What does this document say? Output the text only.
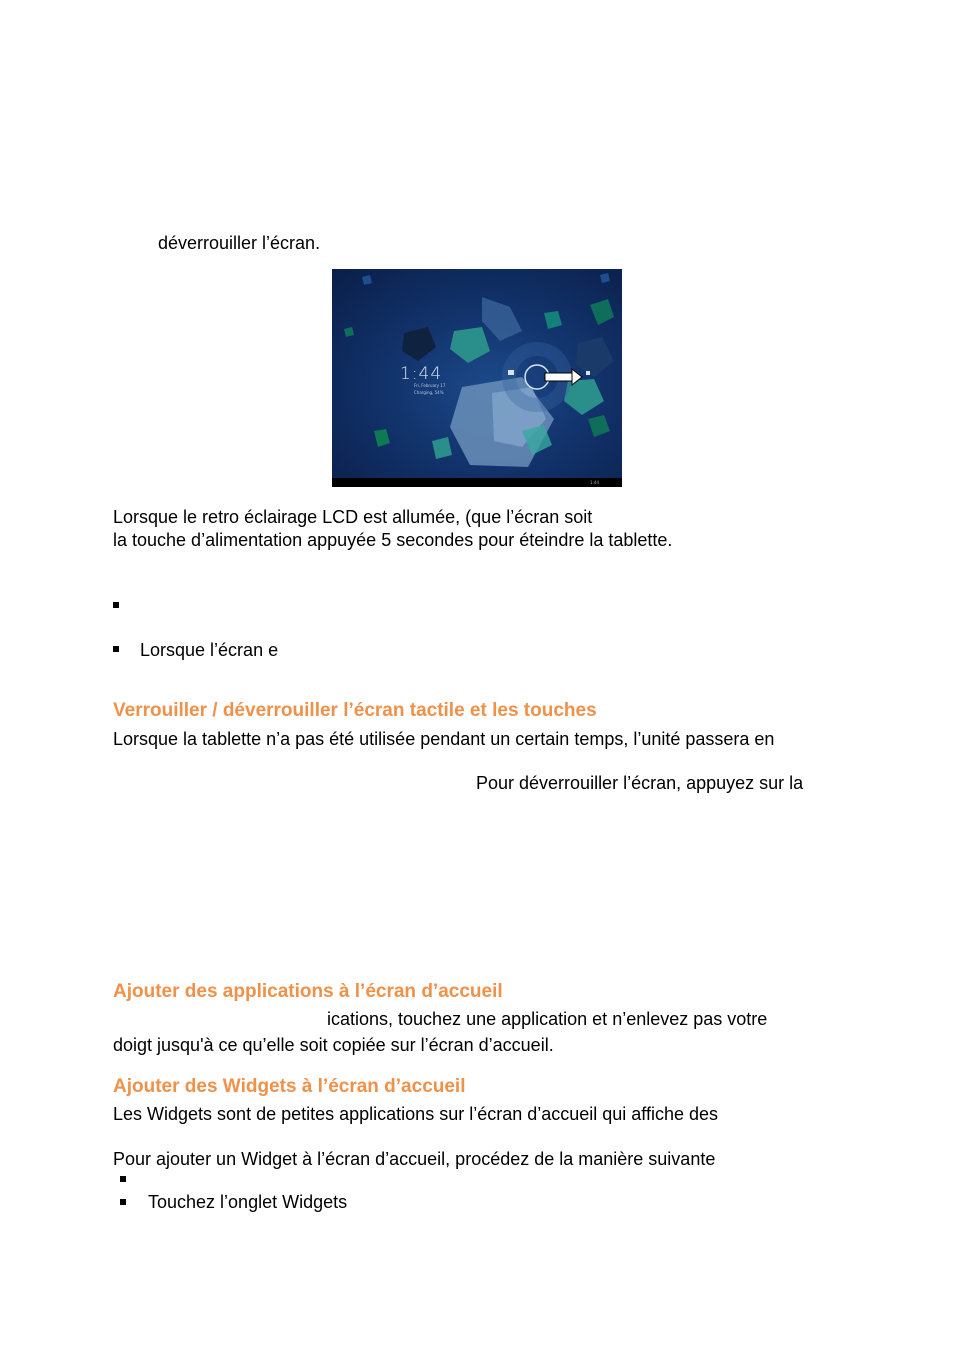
déverrouiller l’écran.
1:44
Fri, February 17
Charging, 54%
1:44
Lorsque le retro éclairage LCD est allumée, (que l’écran soit
la touche d’alimentation appuyée 5 secondes pour éteindre la tablette.
Lorsque l’écran e
Verrouiller / déverrouiller l’écran tactile et les touches
Lorsque la tablette n’a pas été utilisée pendant un certain temps, l’unité passera en
Pour déverrouiller l’écran, appuyez sur la
Ajouter des applications à l’écran d’accueil
ications, touchez une application et n’enlevez pas votre
doigt jusqu'à ce qu’elle soit copiée sur l’écran d’accueil.
Ajouter des Widgets à l’écran d’accueil
Les Widgets sont de petites applications sur l’écran d’accueil qui affiche des
Pour ajouter un Widget à l’écran d’accueil, procédez de la manière suivante
Touchez l’onglet Widgets
